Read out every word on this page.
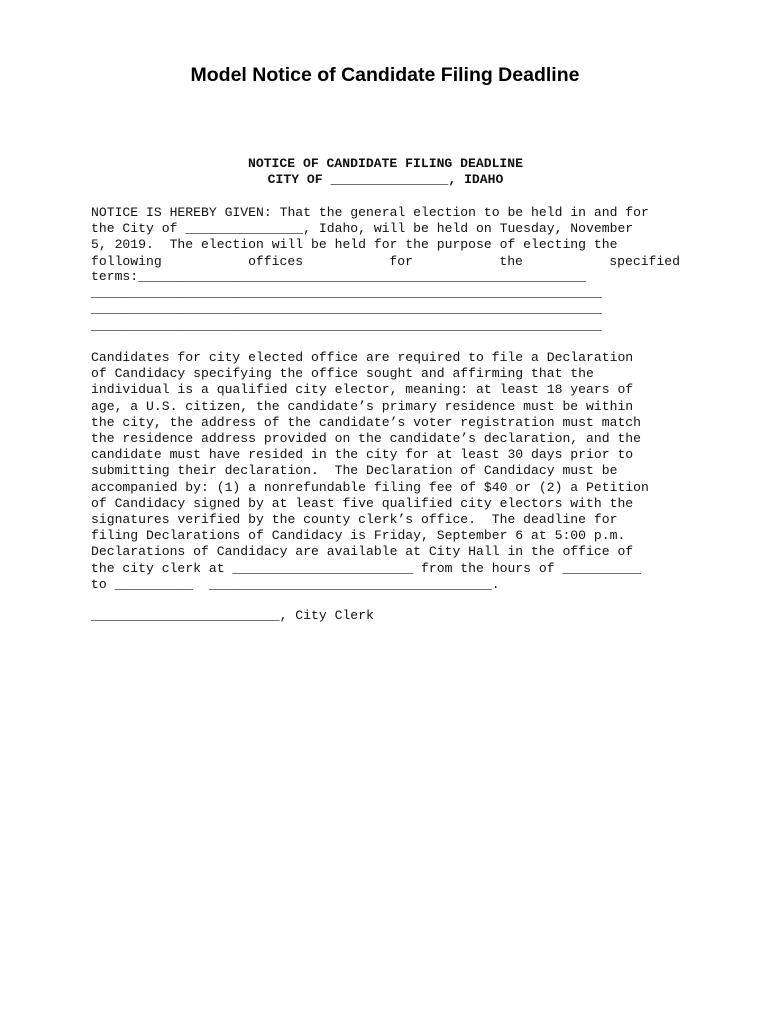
Model Notice of Candidate Filing Deadline
NOTICE OF CANDIDATE FILING DEADLINE
CITY OF _______________, IDAHO
NOTICE IS HEREBY GIVEN: That the general election to be held in and for
the City of _______________, Idaho, will be held on Tuesday, November
5, 2019.  The election will be held for the purpose of electing the
following	offices	for	the	specified
terms:_________________________________________________________
_________________________________________________________________
_________________________________________________________________
_________________________________________________________________
Candidates for city elected office are required to file a Declaration
of Candidacy specifying the office sought and affirming that the
individual is a qualified city elector, meaning: at least 18 years of
age, a U.S. citizen, the candidate’s primary residence must be within
the city, the address of the candidate’s voter registration must match
the residence address provided on the candidate’s declaration, and the
candidate must have resided in the city for at least 30 days prior to
submitting their declaration.  The Declaration of Candidacy must be
accompanied by: (1) a nonrefundable filing fee of $40 or (2) a Petition
of Candidacy signed by at least five qualified city electors with the
signatures verified by the county clerk’s office.  The deadline for
filing Declarations of Candidacy is Friday, September 6 at 5:00 p.m.
Declarations of Candidacy are available at City Hall in the office of
the city clerk at _______________________ from the hours of __________
to __________  ____________________________________.
________________________, City Clerk
